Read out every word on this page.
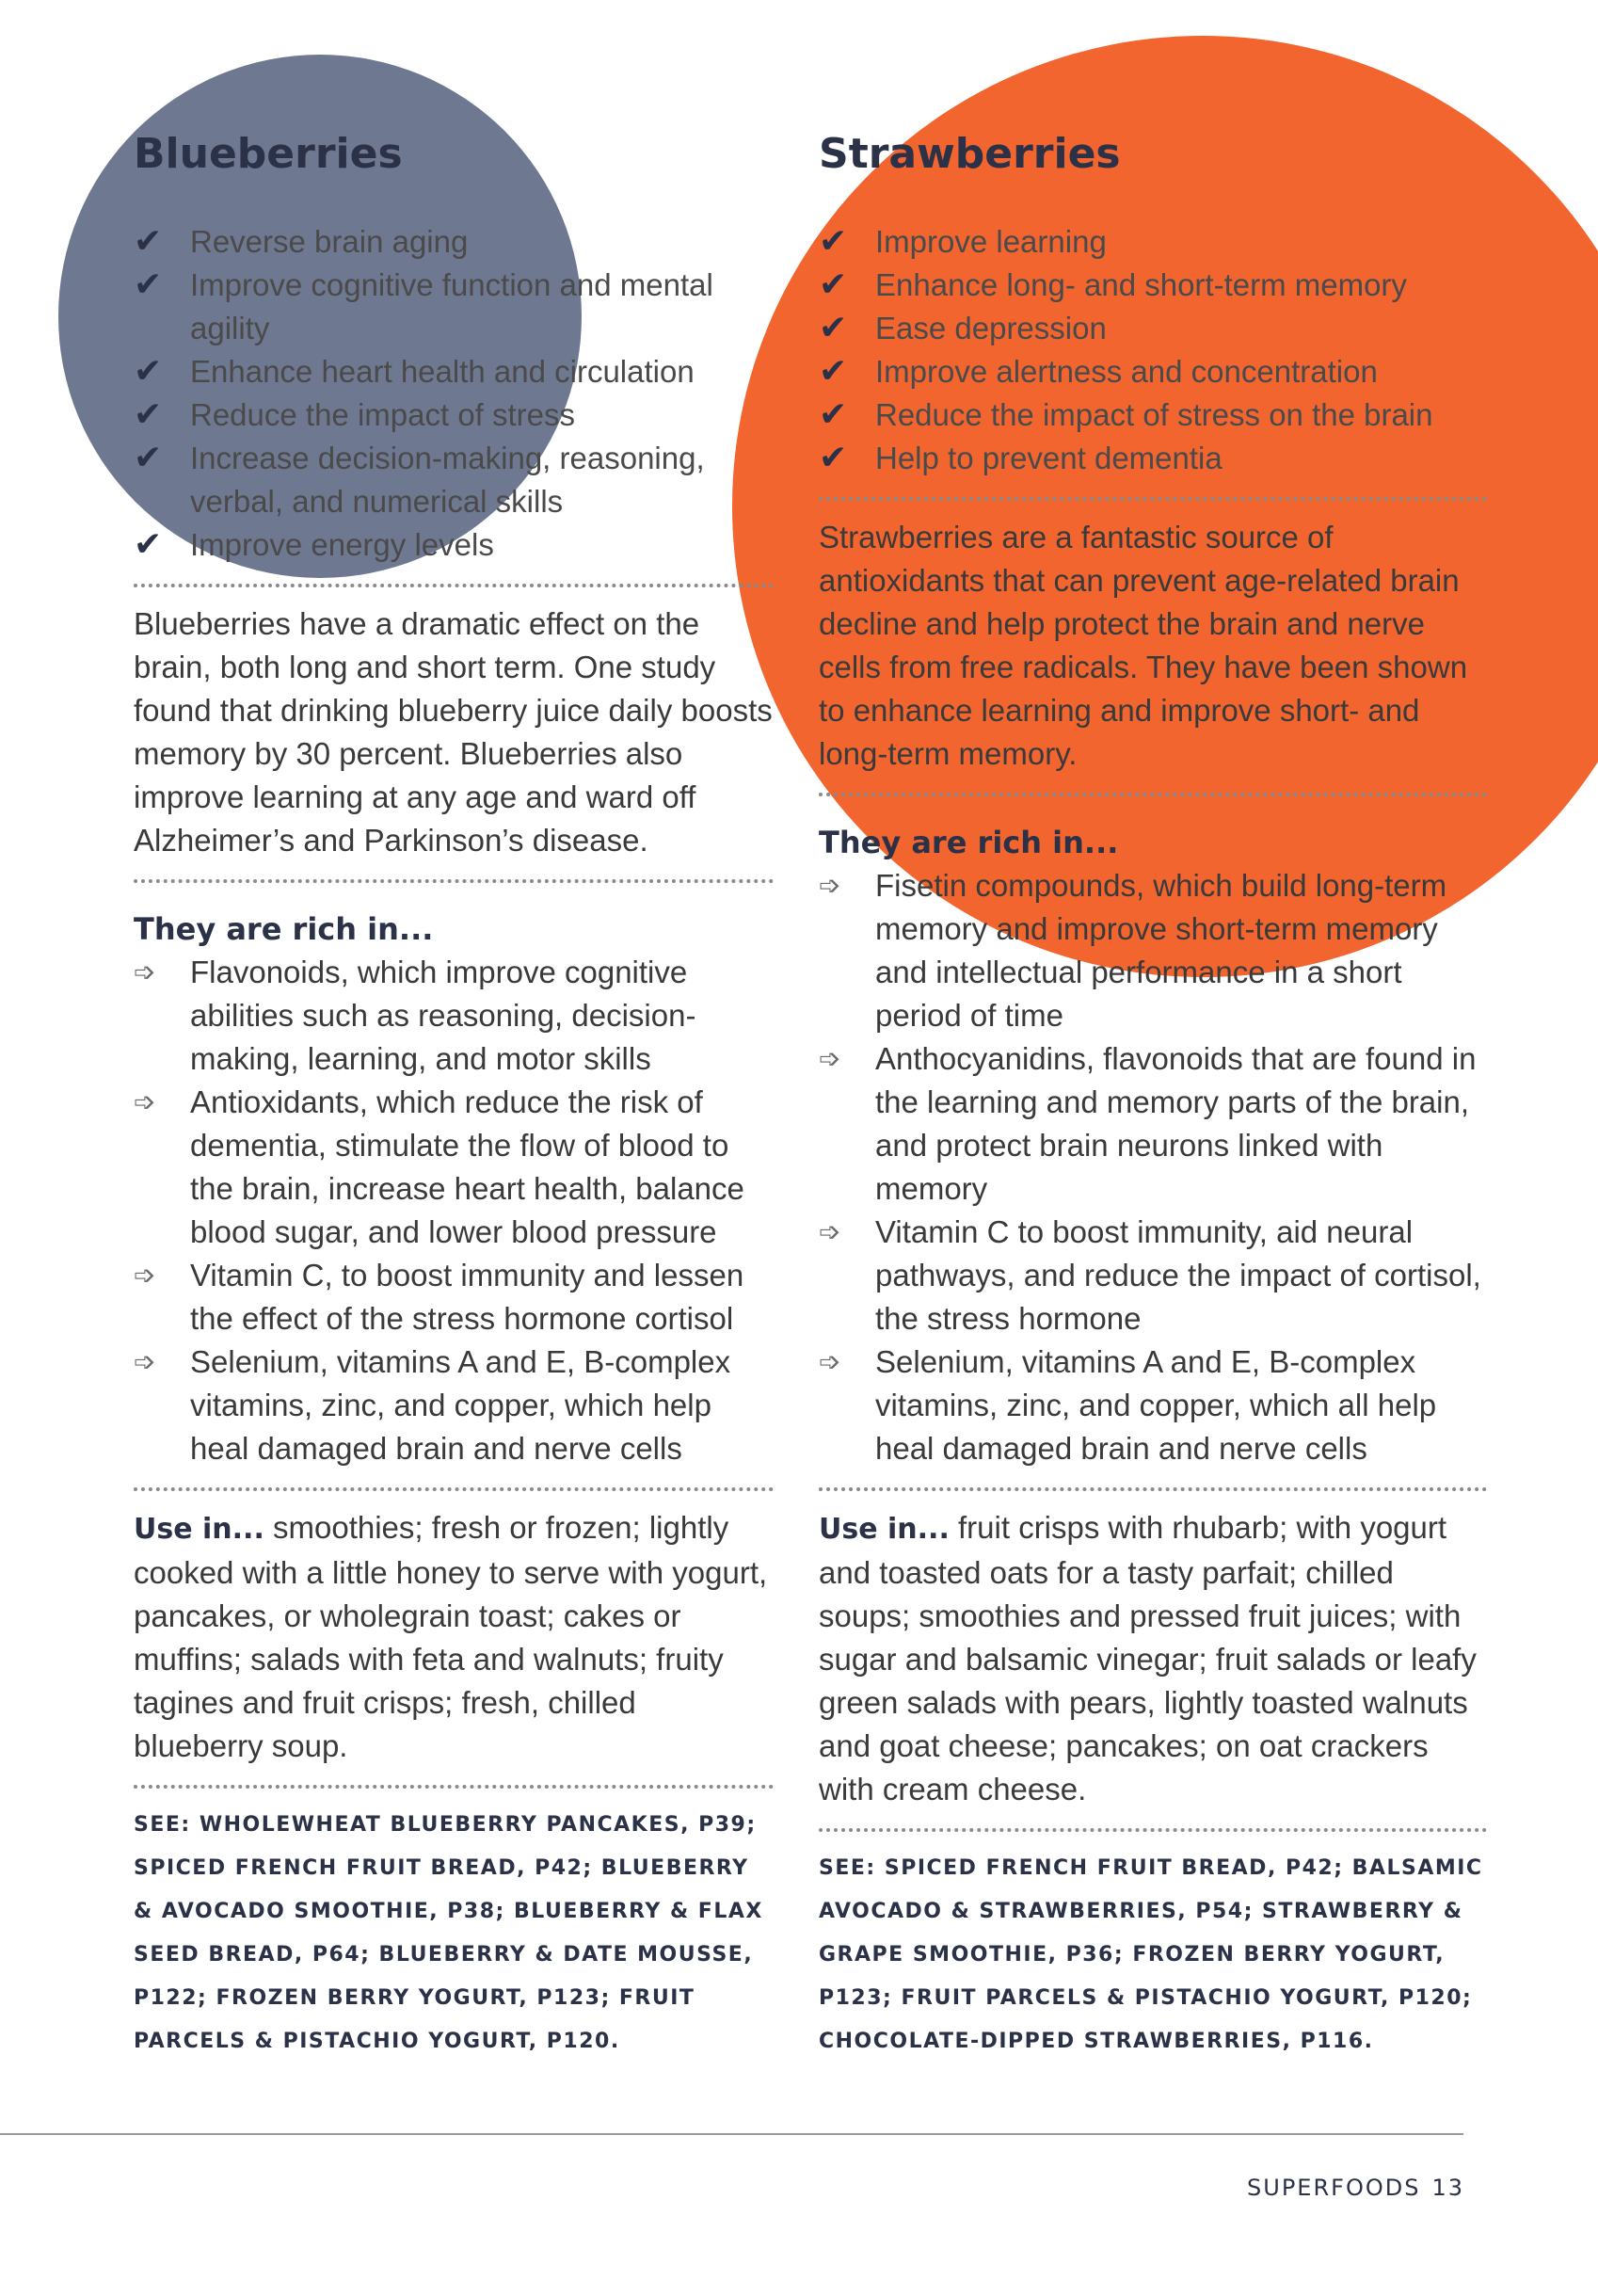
Blueberries
✔ Reverse brain aging
✔ Improve cognitive function and mental agility
✔ Enhance heart health and circulation
✔ Reduce the impact of stress
✔ Increase decision-making, reasoning, verbal, and numerical skills
✔ Improve energy levels

Blueberries have a dramatic effect on the brain, both long and short term. One study found that drinking blueberry juice daily boosts memory by 30 percent. Blueberries also improve learning at any age and ward off Alzheimer’s and Parkinson’s disease.

They are rich in...
➩ Flavonoids, which improve cognitive abilities such as reasoning, decision-making, learning, and motor skills
➩ Antioxidants, which reduce the risk of dementia, stimulate the flow of blood to the brain, increase heart health, balance blood sugar, and lower blood pressure
➩ Vitamin C, to boost immunity and lessen the effect of the stress hormone cortisol
➩ Selenium, vitamins A and E, B-complex vitamins, zinc, and copper, which help heal damaged brain and nerve cells

Use in... smoothies; fresh or frozen; lightly cooked with a little honey to serve with yogurt, pancakes, or wholegrain toast; cakes or muffins; salads with feta and walnuts; fruity tagines and fruit crisps; fresh, chilled blueberry soup.

SEE: WHOLEWHEAT BLUEBERRY PANCAKES, P39; SPICED FRENCH FRUIT BREAD, P42; BLUEBERRY & AVOCADO SMOOTHIE, P38; BLUEBERRY & FLAX SEED BREAD, P64; BLUEBERRY & DATE MOUSSE, P122; FROZEN BERRY YOGURT, P123; FRUIT PARCELS & PISTACHIO YOGURT, P120.

Strawberries
✔ Improve learning
✔ Enhance long- and short-term memory
✔ Ease depression
✔ Improve alertness and concentration
✔ Reduce the impact of stress on the brain
✔ Help to prevent dementia

Strawberries are a fantastic source of antioxidants that can prevent age-related brain decline and help protect the brain and nerve cells from free radicals. They have been shown to enhance learning and improve short- and long-term memory.

They are rich in...
➩ Fisetin compounds, which build long-term memory and improve short-term memory and intellectual performance in a short period of time
➩ Anthocyanidins, flavonoids that are found in the learning and memory parts of the brain, and protect brain neurons linked with memory
➩ Vitamin C to boost immunity, aid neural pathways, and reduce the impact of cortisol, the stress hormone
➩ Selenium, vitamins A and E, B-complex vitamins, zinc, and copper, which all help heal damaged brain and nerve cells

Use in... fruit crisps with rhubarb; with yogurt and toasted oats for a tasty parfait; chilled soups; smoothies and pressed fruit juices; with sugar and balsamic vinegar; fruit salads or leafy green salads with pears, lightly toasted walnuts and goat cheese; pancakes; on oat crackers with cream cheese.

SEE: SPICED FRENCH FRUIT BREAD, P42; BALSAMIC AVOCADO & STRAWBERRIES, P54; STRAWBERRY & GRAPE SMOOTHIE, P36; FROZEN BERRY YOGURT, P123; FRUIT PARCELS & PISTACHIO YOGURT, P120; CHOCOLATE-DIPPED STRAWBERRIES, P116.

SUPERFOODS 13
